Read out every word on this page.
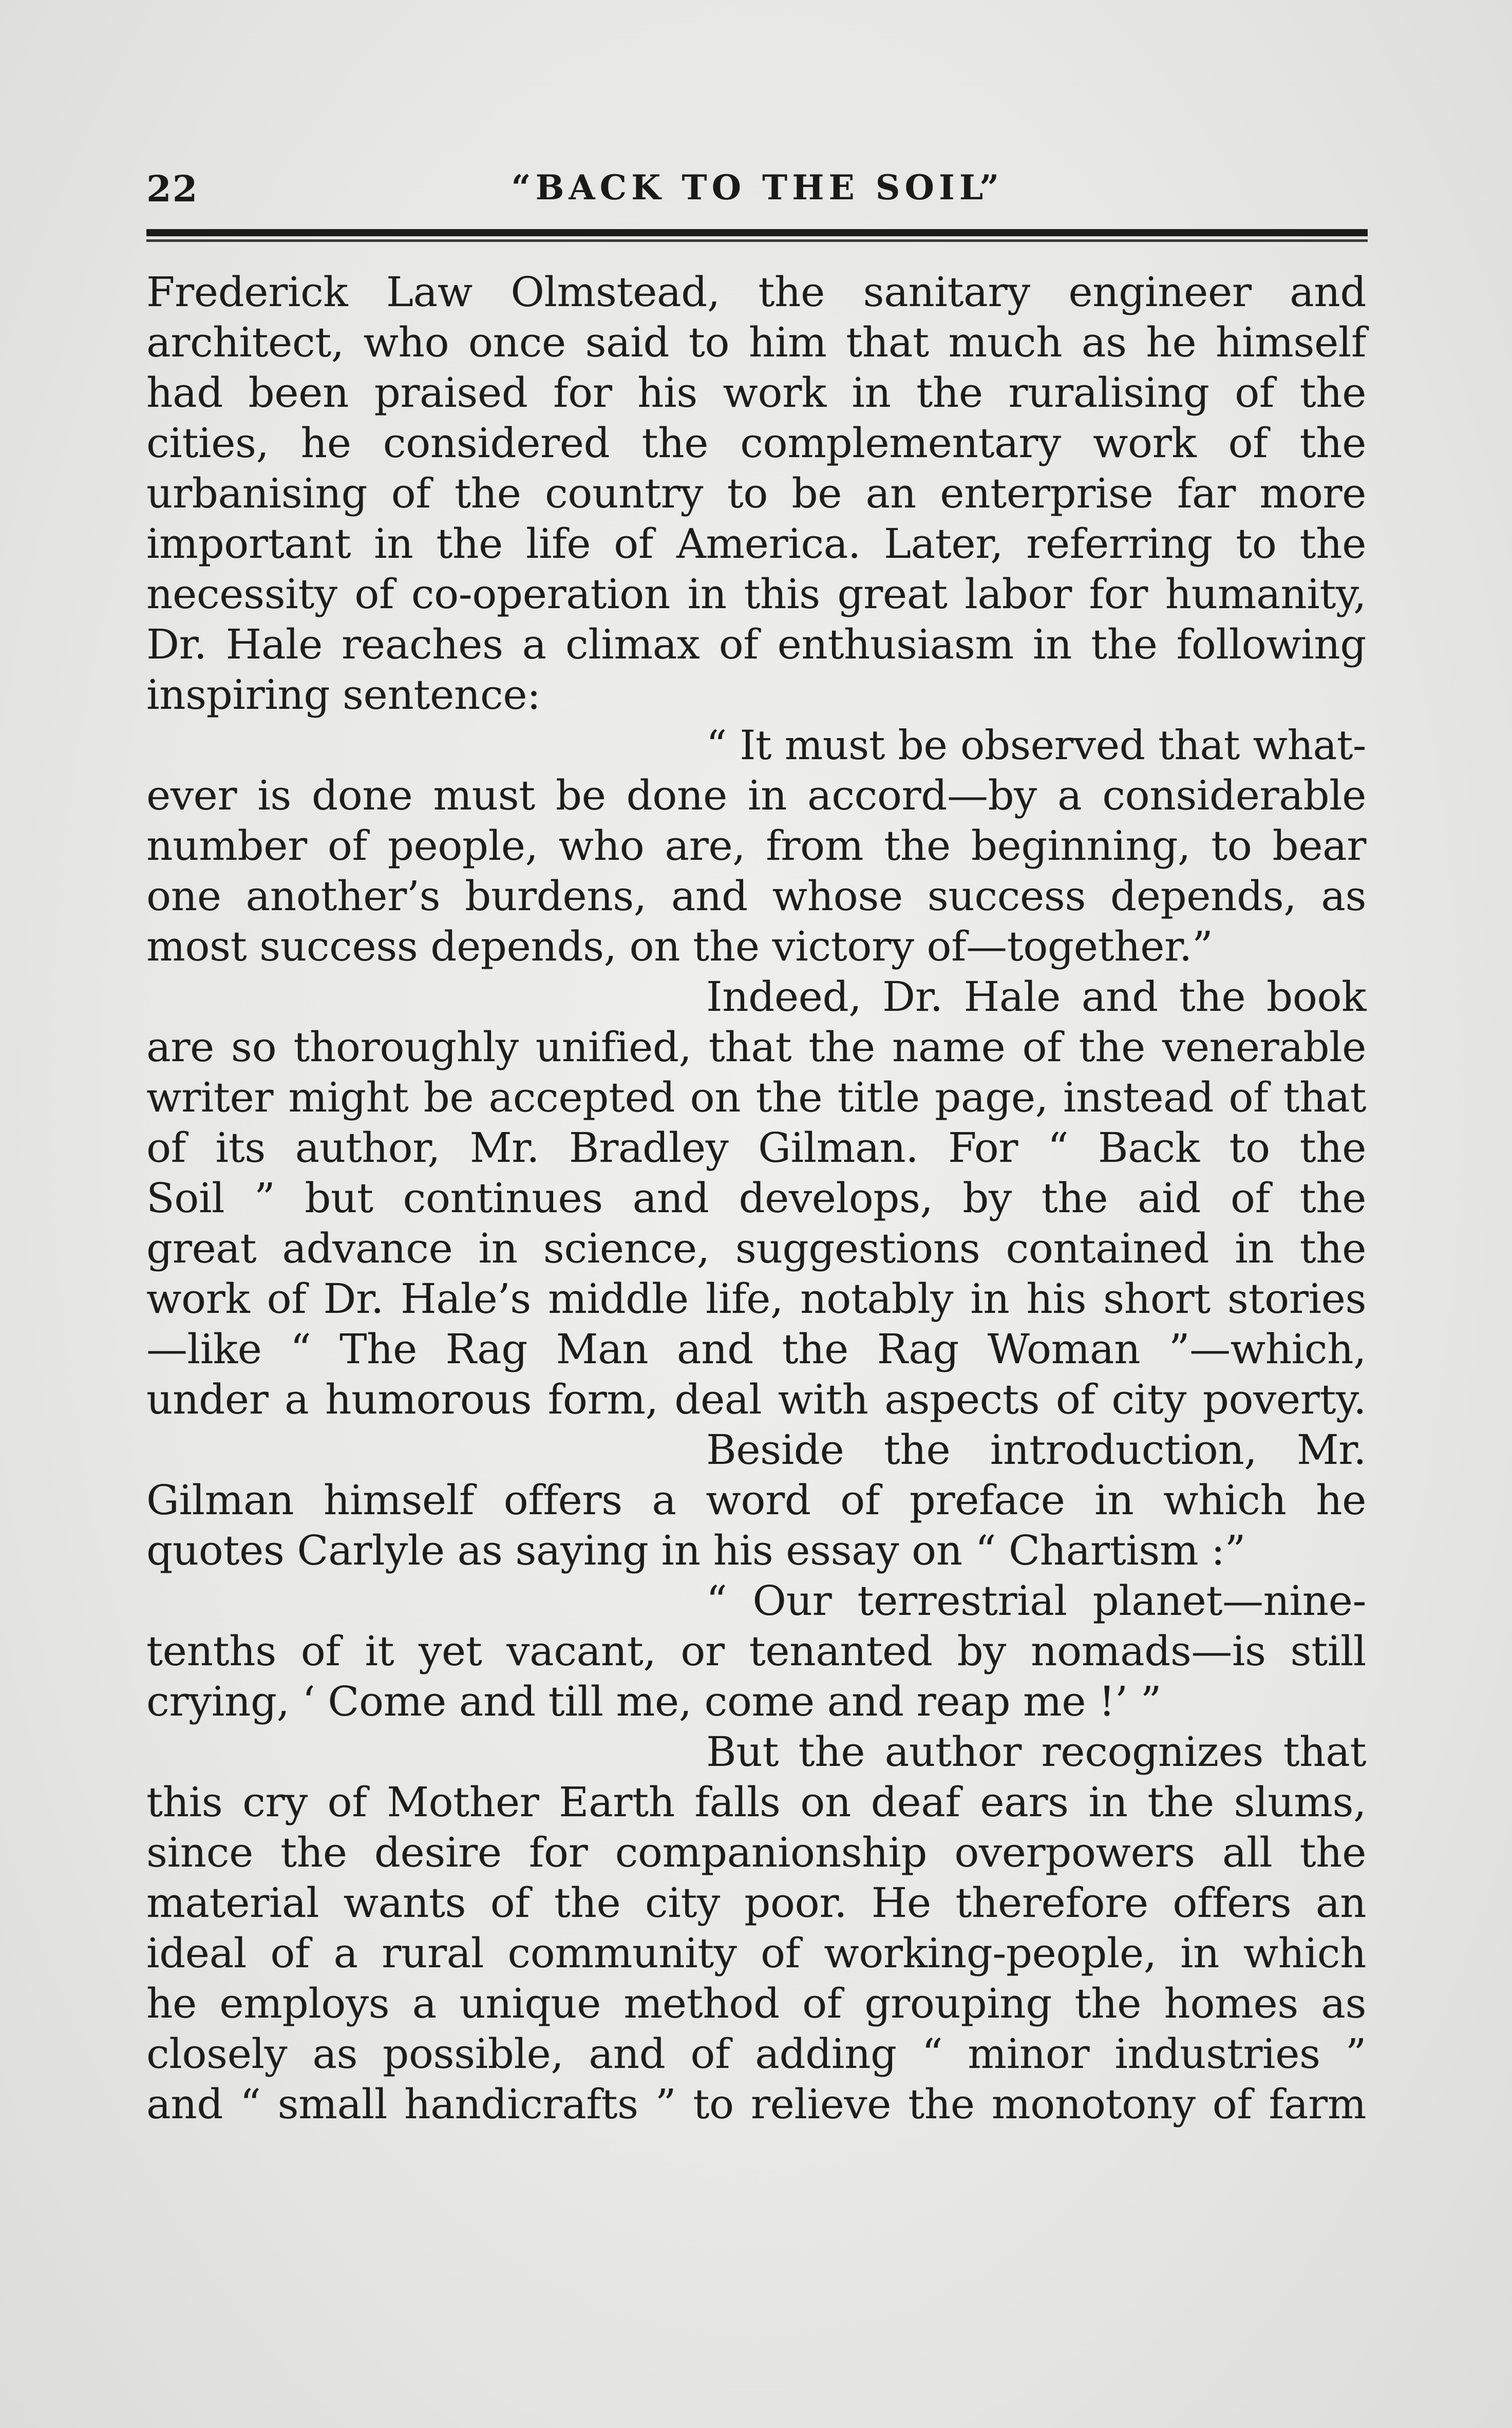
22	“BACK TO THE SOIL”
Frederick Law Olmstead, the sanitary engineer and
architect, who once said to him that much as he himself
had been praised for his work in the ruralising of the
cities, he considered the complementary work of the
urbanising of the country to be an enterprise far more
important in the life of America. Later, referring to the
necessity of co-operation in this great labor for humanity,
Dr. Hale reaches a climax of enthusiasm in the following
inspiring sentence:
“ It must be observed that what-
ever is done must be done in accord—by a considerable
number of people, who are, from the beginning, to bear
one another’s burdens, and whose success depends, as
most success depends, on the victory of—together.”
Indeed, Dr. Hale and the book
are so thoroughly unified, that the name of the venerable
writer might be accepted on the title page, instead of that
of its author, Mr. Bradley Gilman. For “ Back to the
Soil ” but continues and develops, by the aid of the
great advance in science, suggestions contained in the
work of Dr. Hale’s middle life, notably in his short stories
—like “ The Rag Man and the Rag Woman ”—which,
under a humorous form, deal with aspects of city poverty.
Beside the introduction, Mr.
Gilman himself offers a word of preface in which he
quotes Carlyle as saying in his essay on “ Chartism :”
“ Our terrestrial planet—nine-
tenths of it yet vacant, or tenanted by nomads—is still
crying, ‘ Come and till me, come and reap me !’ ”
But the author recognizes that
this cry of Mother Earth falls on deaf ears in the slums,
since the desire for companionship overpowers all the
material wants of the city poor. He therefore offers an
ideal of a rural community of working-people, in which
he employs a unique method of grouping the homes as
closely as possible, and of adding “ minor industries ”
and “ small handicrafts ” to relieve the monotony of farm
